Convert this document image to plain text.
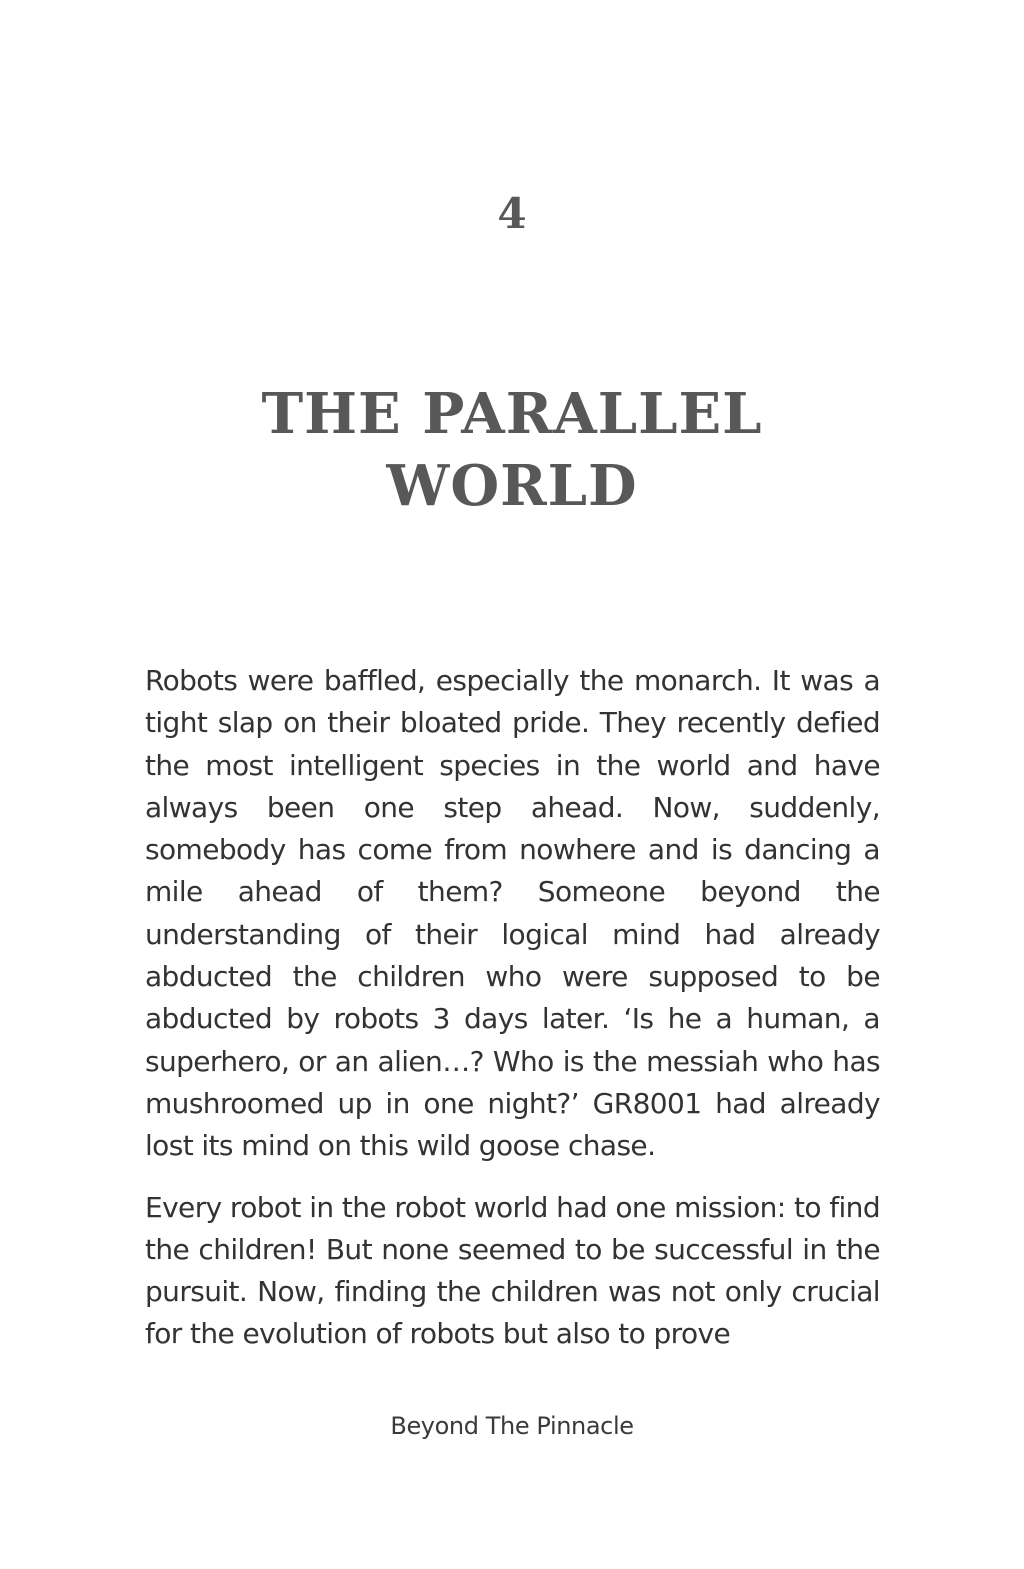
4
THE PARALLEL
WORLD

Robots were baffled, especially the monarch. It was a tight slap on their bloated pride. They recently defied the most intelligent species in the world and have always been one step ahead. Now, suddenly, somebody has come from nowhere and is dancing a mile ahead of them? Someone beyond the understanding of their logical mind had already abducted the children who were supposed to be abducted by robots 3 days later. ‘Is he a human, a superhero, or an alien…? Who is the messiah who has mushroomed up in one night?’ GR8001 had already lost its mind on this wild goose chase.

Every robot in the robot world had one mission: to find the children! But none seemed to be successful in the pursuit. Now, finding the children was not only crucial for the evolution of robots but also to prove

Beyond The Pinnacle
